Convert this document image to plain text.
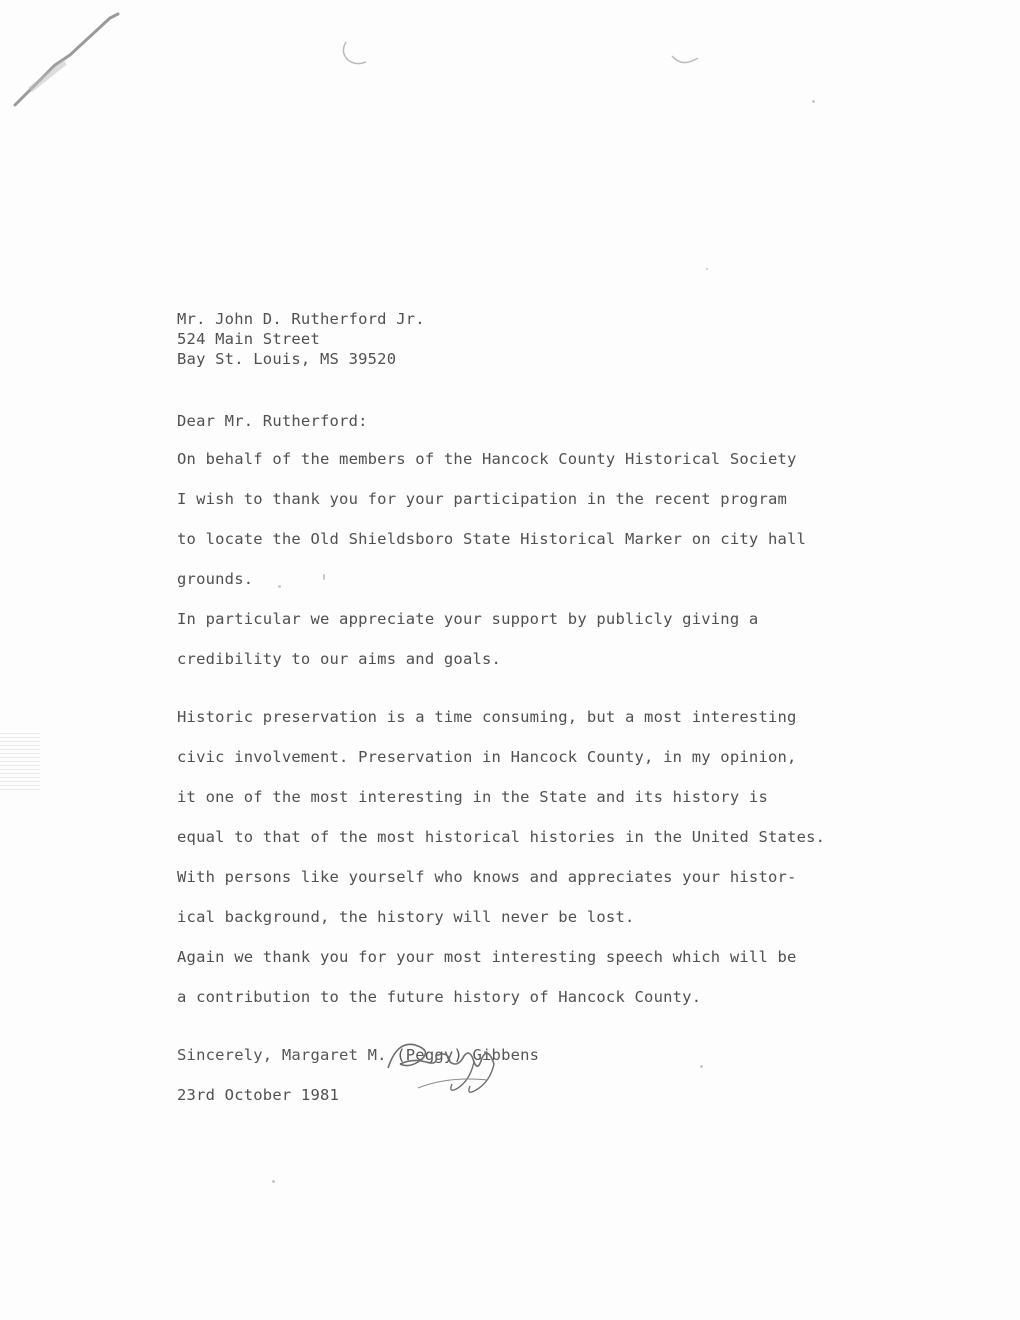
Mr. John D. Rutherford Jr.
524 Main Street
Bay St. Louis, MS 39520
Dear Mr. Rutherford:
On behalf of the members of the Hancock County Historical Society
I wish to thank you for your participation in the recent program
to locate the Old Shieldsboro State Historical Marker on city hall
grounds.
In particular we appreciate your support by publicly giving a
credibility to our aims and goals.
Historic preservation is a time consuming, but a most interesting
civic involvement. Preservation in Hancock County, in my opinion,
it one of the most interesting in the State and its history is
equal to that of the most historical histories in the United States.
With persons like yourself who knows and appreciates your histor-
ical background, the history will never be lost.
Again we thank you for your most interesting speech which will be
a contribution to the future history of Hancock County.
Sincerely, Margaret M. (Peggy) Gibbens
23rd October 1981
